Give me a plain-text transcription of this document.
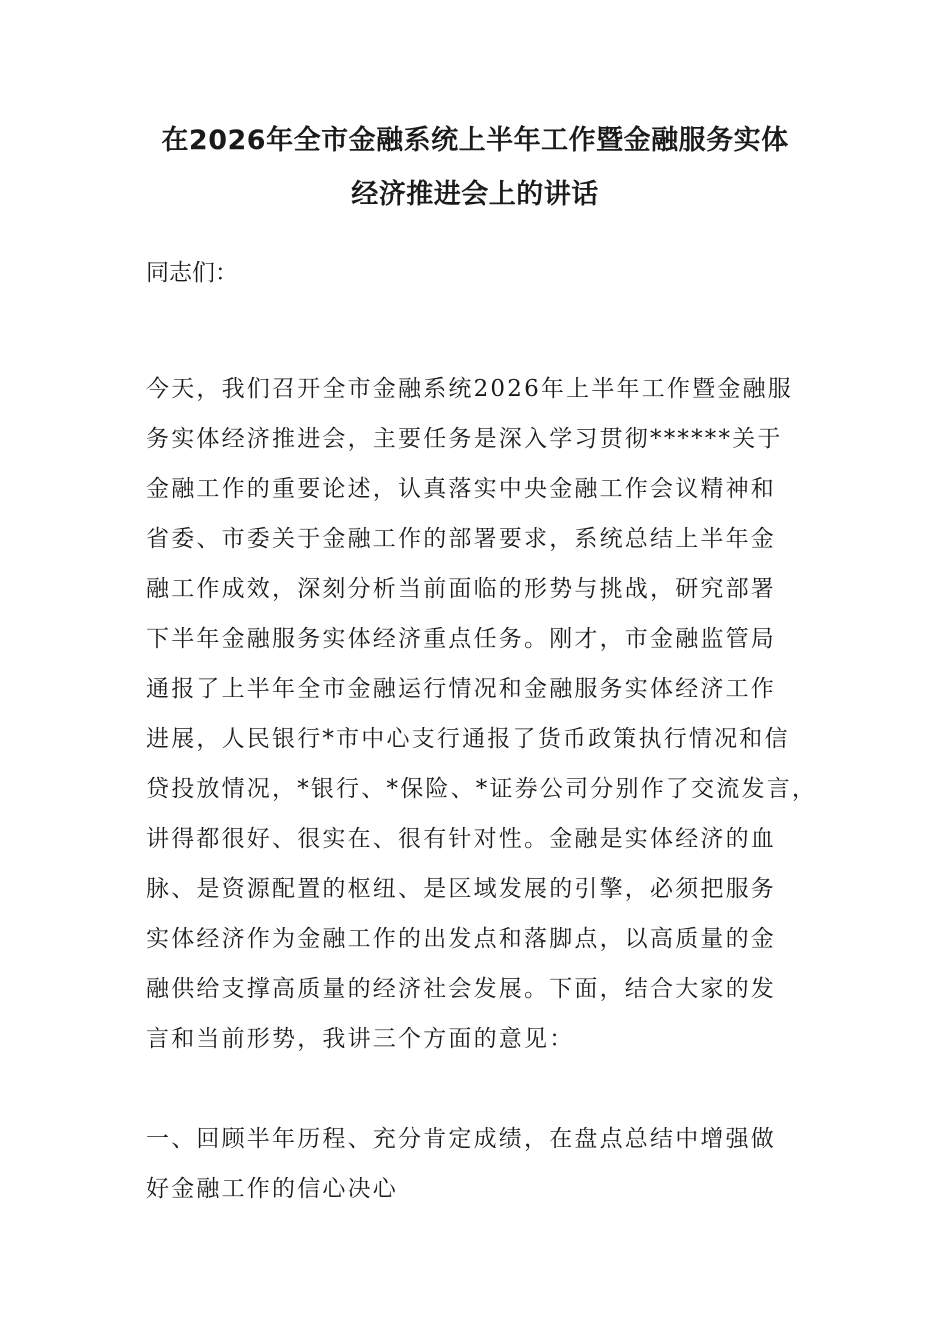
在2026年全市金融系统上半年工作暨金融服务实体
经济推进会上的讲话

同志们：

今天，我们召开全市金融系统2026年上半年工作暨金融服
务实体经济推进会，主要任务是深入学习贯彻******关于
金融工作的重要论述，认真落实中央金融工作会议精神和
省委、市委关于金融工作的部署要求，系统总结上半年金
融工作成效，深刻分析当前面临的形势与挑战，研究部署
下半年金融服务实体经济重点任务。刚才，市金融监管局
通报了上半年全市金融运行情况和金融服务实体经济工作
进展，人民银行*市中心支行通报了货币政策执行情况和信
贷投放情况，*银行、*保险、*证券公司分别作了交流发言，
讲得都很好、很实在、很有针对性。金融是实体经济的血
脉、是资源配置的枢纽、是区域发展的引擎，必须把服务
实体经济作为金融工作的出发点和落脚点，以高质量的金
融供给支撑高质量的经济社会发展。下面，结合大家的发
言和当前形势，我讲三个方面的意见：

一、回顾半年历程、充分肯定成绩，在盘点总结中增强做
好金融工作的信心决心
